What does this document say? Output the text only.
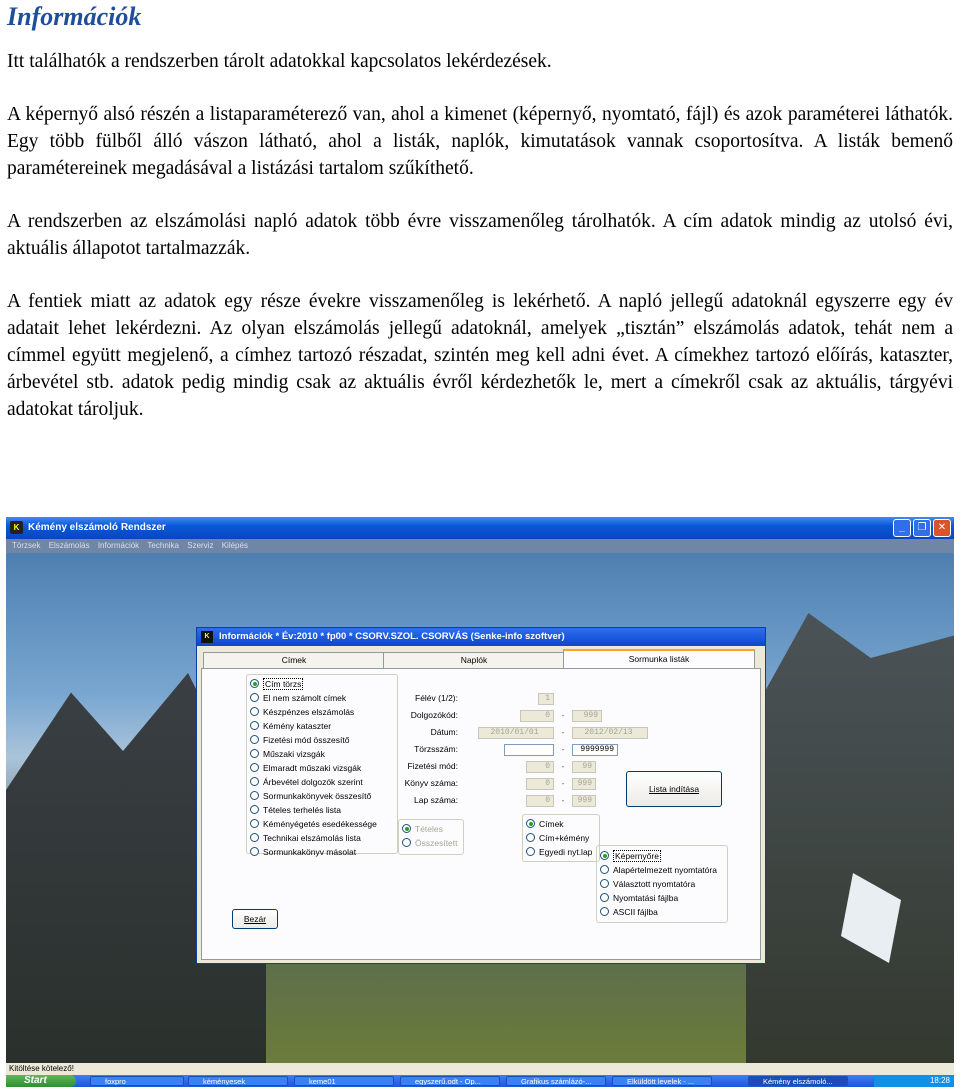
Információk

Itt találhatók a rendszerben tárolt adatokkal kapcsolatos lekérdezések.

A képernyő alsó részén a listaparaméterező van, ahol a kimenet (képernyő, nyomtató, fájl) és azok paraméterei láthatók. Egy több fülből álló vászon látható, ahol a listák, naplók, kimutatások vannak csoportosítva. A listák bemenő paramétereinek megadásával a listázási tartalom szűkíthető.

A rendszerben az elszámolási napló adatok több évre visszamenőleg tárolhatók. A cím adatok mindig az utolsó évi, aktuális állapotot tartalmazzák.

A fentiek miatt az adatok egy része évekre visszamenőleg is lekérhető. A napló jellegű adatoknál egyszerre egy év adatait lehet lekérdezni. Az olyan elszámolás jellegű adatoknál, amelyek „tisztán” elszámolás adatok, tehát nem a címmel együtt megjelenő, a címhez tartozó részadat, szintén meg kell adni évet. A címekhez tartozó előírás, kataszter, árbevétel stb. adatok pedig mindig csak az aktuális évről kérdezhetők le, mert a címekről csak az aktuális, tárgyévi adatokat tároljuk.

K Kémény elszámoló Rendszer	_ ❐ ✕
Törzsek Elszámolás Információk Technika Szerviz Kilépés
K Információk * Év:2010 * fp00 * CSORV.SZOL. CSORVÁS (Senke-info szoftver)
Címek	Naplók	Sormunka listák
Cím törzs
El nem számolt címek
Készpénzes elszámolás
Kémény kataszter
Fizetési mód összesítő
Műszaki vizsgák
Elmaradt műszaki vizsgák
Árbevétel dolgozók szerint
Sormunkakönyvek összesítő
Tételes terhelés lista
Kéményégetés esedékessége
Technikai elszámolás lista
Sormunkakönyv másolat
Félév (1/2):	1
Dolgozókód:	0	-	999
Dátum:	2010/01/01	-	2012/02/13
Törzsszám:	-	9999999
Fizetési mód:	0	-	99
Könyv száma:	0	-	999
Lap száma:	0	-	999
Lista indítása
Tételes
Összesített
Címek
Cím+kémény
Egyedi nyt.lap	Képernyőre
Alapértelmezett nyomtatóra
Választott nyomtatóra
Nyomtatási fájlba
ASCII fájlba
Bezár
Kitöltése kötelező!
Start	foxpro	kéményesek	keme01	egyszerű.odt - Op...	Grafikus számlázó-...	Elküldött levelek - ...	Kémény elszámoló...	18:28
